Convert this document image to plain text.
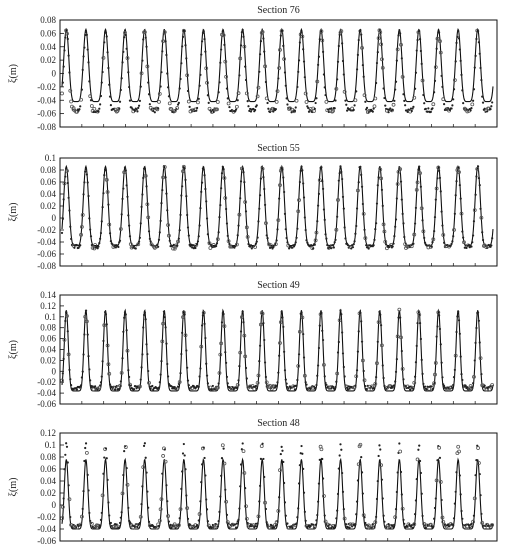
Section 76
0.08
0.06
0.04
0.02
0
-0.02
-0.04
-0.06
-0.08
ξ(m)
Section 55
0.1
0.08
0.06
0.04
0.02
0
-0.02
-0.04
-0.06
-0.08
ξ(m)
Section 49
0.14
0.12
0.1
0.08
0.06
0.04
0.02
0
-0.02
-0.04
-0.06
ξ(m)
Section 48
0.12
0.1
0.08
0.06
0.04
0.02
0
-0.02
-0.04
-0.06
ξ(m)
